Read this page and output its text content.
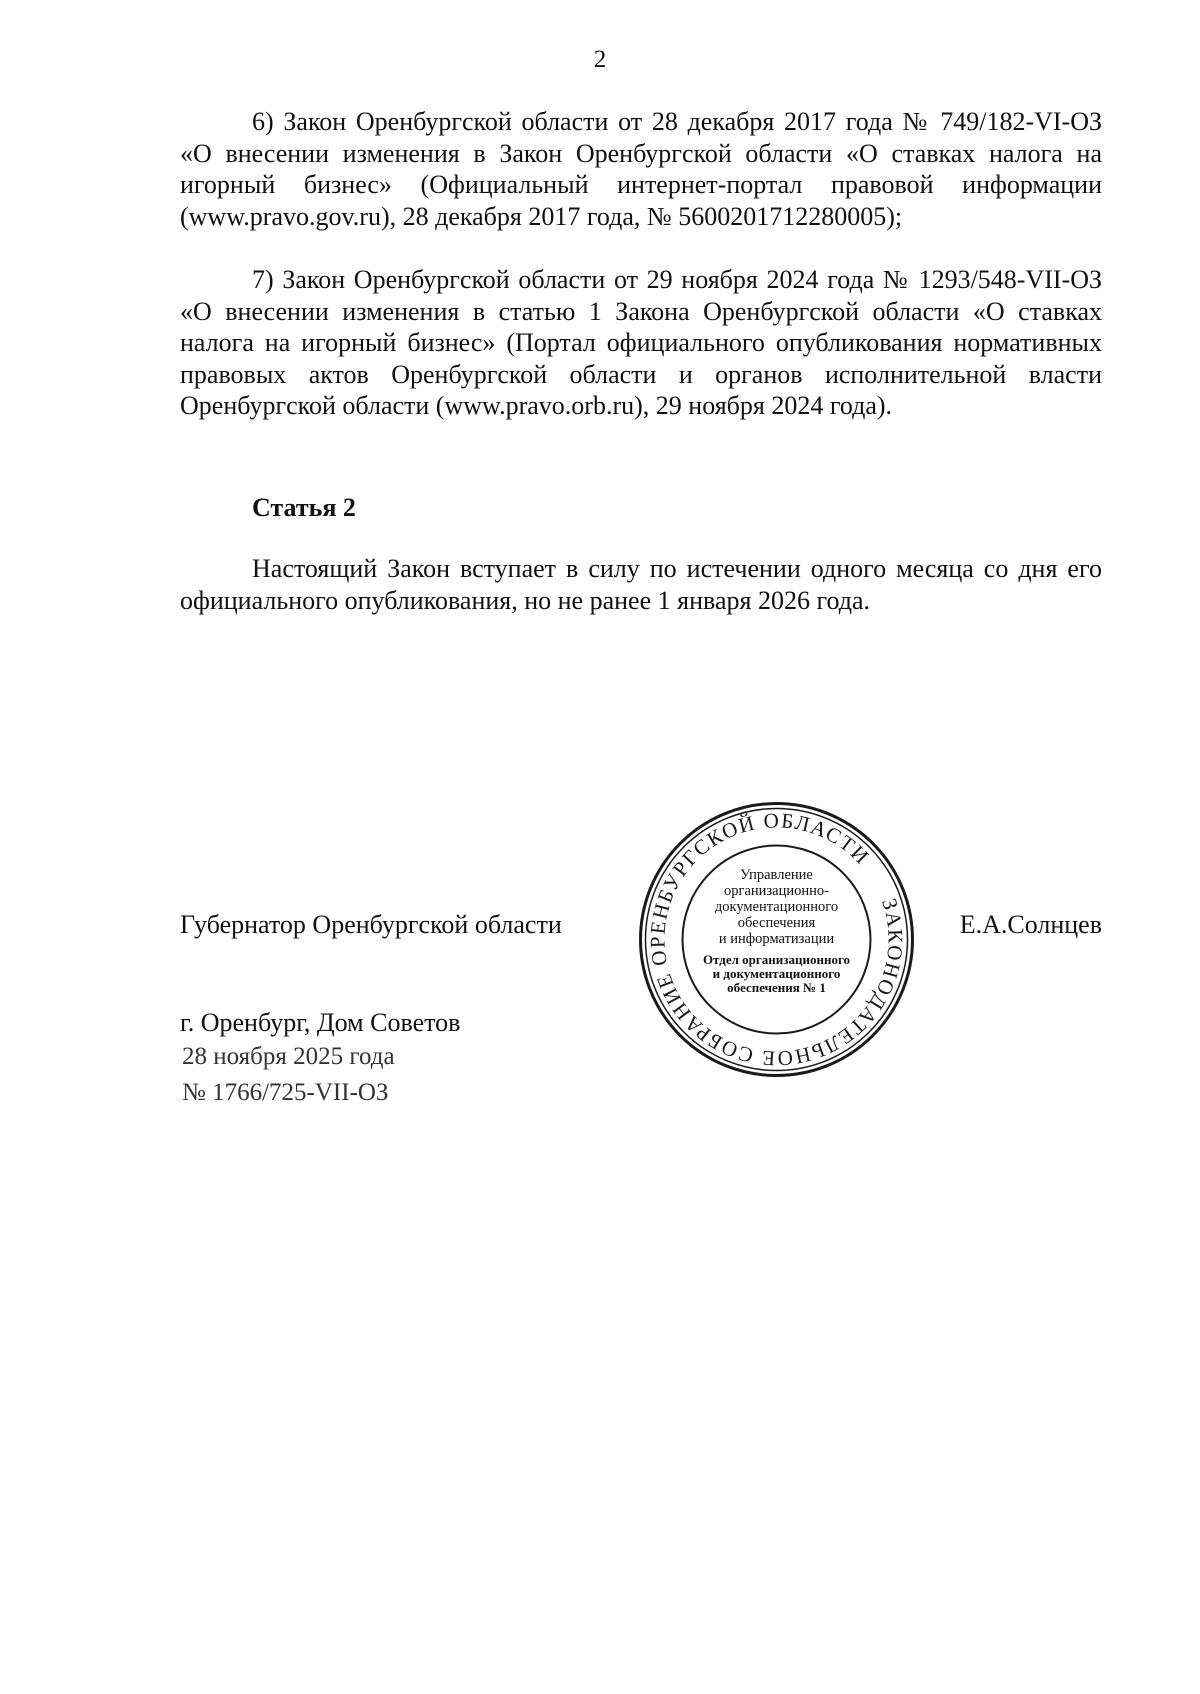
2

6) Закон Оренбургской области от 28 декабря 2017 года № 749/182-VI-ОЗ «О внесении изменения в Закон Оренбургской области «О ставках налога на игорный бизнес» (Официальный интернет-портал правовой информации (www.pravo.gov.ru), 28 декабря 2017 года, № 5600201712280005);

7) Закон Оренбургской области от 29 ноября 2024 года № 1293/548-VII-ОЗ «О внесении изменения в статью 1 Закона Оренбургской области «О ставках налога на игорный бизнес» (Портал официального опубликования нормативных правовых актов Оренбургской области и органов исполнительной власти Оренбургской области (www.pravo.orb.ru), 29 ноября 2024 года).

Статья 2

Настоящий Закон вступает в силу по истечении одного месяца со дня его официального опубликования, но не ранее 1 января 2026 года.

Губернатор Оренбургской области	Е.А.Солнцев
ЗАКОНОДАТЕЛЬНОЕ СОБРАНИЕ ОРЕНБУРГСКОЙ ОБЛАСТИ
Управление
организационно-
документационного
обеспечения
и информатизации
Отдел организационного
и документационного
обеспечения № 1
г. Оренбург, Дом Советов
28 ноября 2025 года
№ 1766/725-VII-ОЗ
